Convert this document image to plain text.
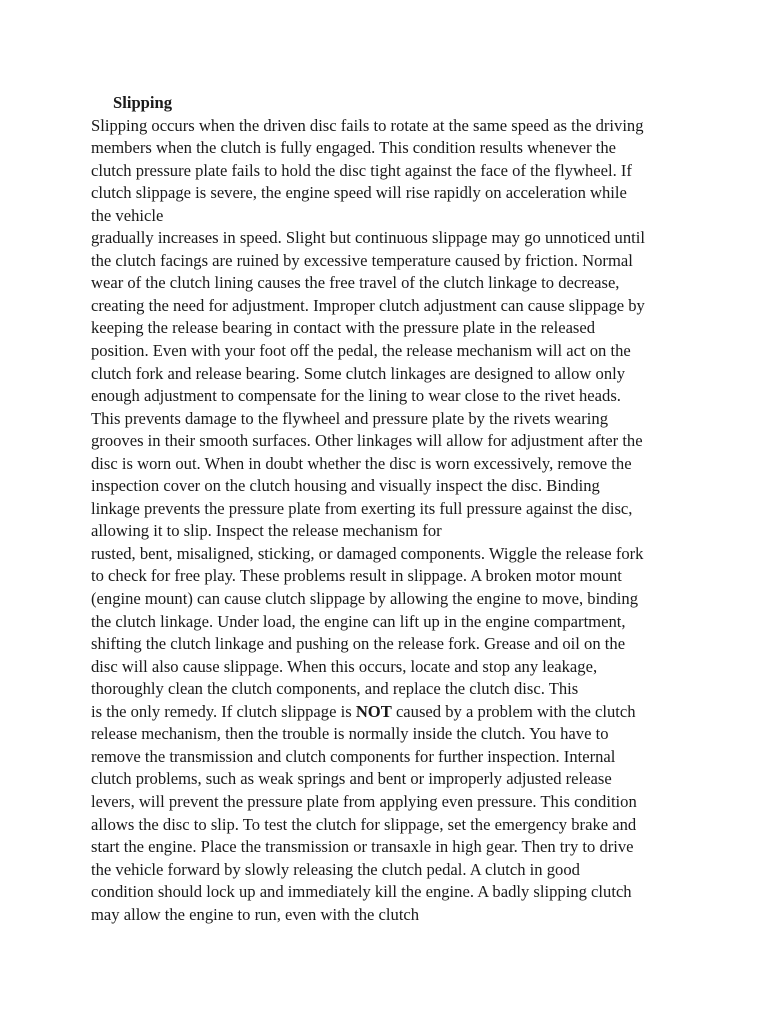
Slipping
Slipping occurs when the driven disc fails to rotate at the same speed as the driving
members when the clutch is fully engaged. This condition results whenever the
clutch pressure plate fails to hold the disc tight against the face of the flywheel. If
clutch slippage is severe, the engine speed will rise rapidly on acceleration while
the vehicle
gradually increases in speed. Slight but continuous slippage may go unnoticed until
the clutch facings are ruined by excessive temperature caused by friction. Normal
wear of the clutch lining causes the free travel of the clutch linkage to decrease,
creating the need for adjustment. Improper clutch adjustment can cause slippage by
keeping the release bearing in contact with the pressure plate in the released
position. Even with your foot off the pedal, the release mechanism will act on the
clutch fork and release bearing. Some clutch linkages are designed to allow only
enough adjustment to compensate for the lining to wear close to the rivet heads.
This prevents damage to the flywheel and pressure plate by the rivets wearing
grooves in their smooth surfaces. Other linkages will allow for adjustment after the
disc is worn out. When in doubt whether the disc is worn excessively, remove the
inspection cover on the clutch housing and visually inspect the disc. Binding
linkage prevents the pressure plate from exerting its full pressure against the disc,
allowing it to slip. Inspect the release mechanism for
rusted, bent, misaligned, sticking, or damaged components. Wiggle the release fork
to check for free play. These problems result in slippage. A broken motor mount
(engine mount) can cause clutch slippage by allowing the engine to move, binding
the clutch linkage. Under load, the engine can lift up in the engine compartment,
shifting the clutch linkage and pushing on the release fork. Grease and oil on the
disc will also cause slippage. When this occurs, locate and stop any leakage,
thoroughly clean the clutch components, and replace the clutch disc. This
is the only remedy. If clutch slippage is NOT caused by a problem with the clutch
release mechanism, then the trouble is normally inside the clutch. You have to
remove the transmission and clutch components for further inspection. Internal
clutch problems, such as weak springs and bent or improperly adjusted release
levers, will prevent the pressure plate from applying even pressure. This condition
allows the disc to slip. To test the clutch for slippage, set the emergency brake and
start the engine. Place the transmission or transaxle in high gear. Then try to drive
the vehicle forward by slowly releasing the clutch pedal. A clutch in good
condition should lock up and immediately kill the engine. A badly slipping clutch
may allow the engine to run, even with the clutch
